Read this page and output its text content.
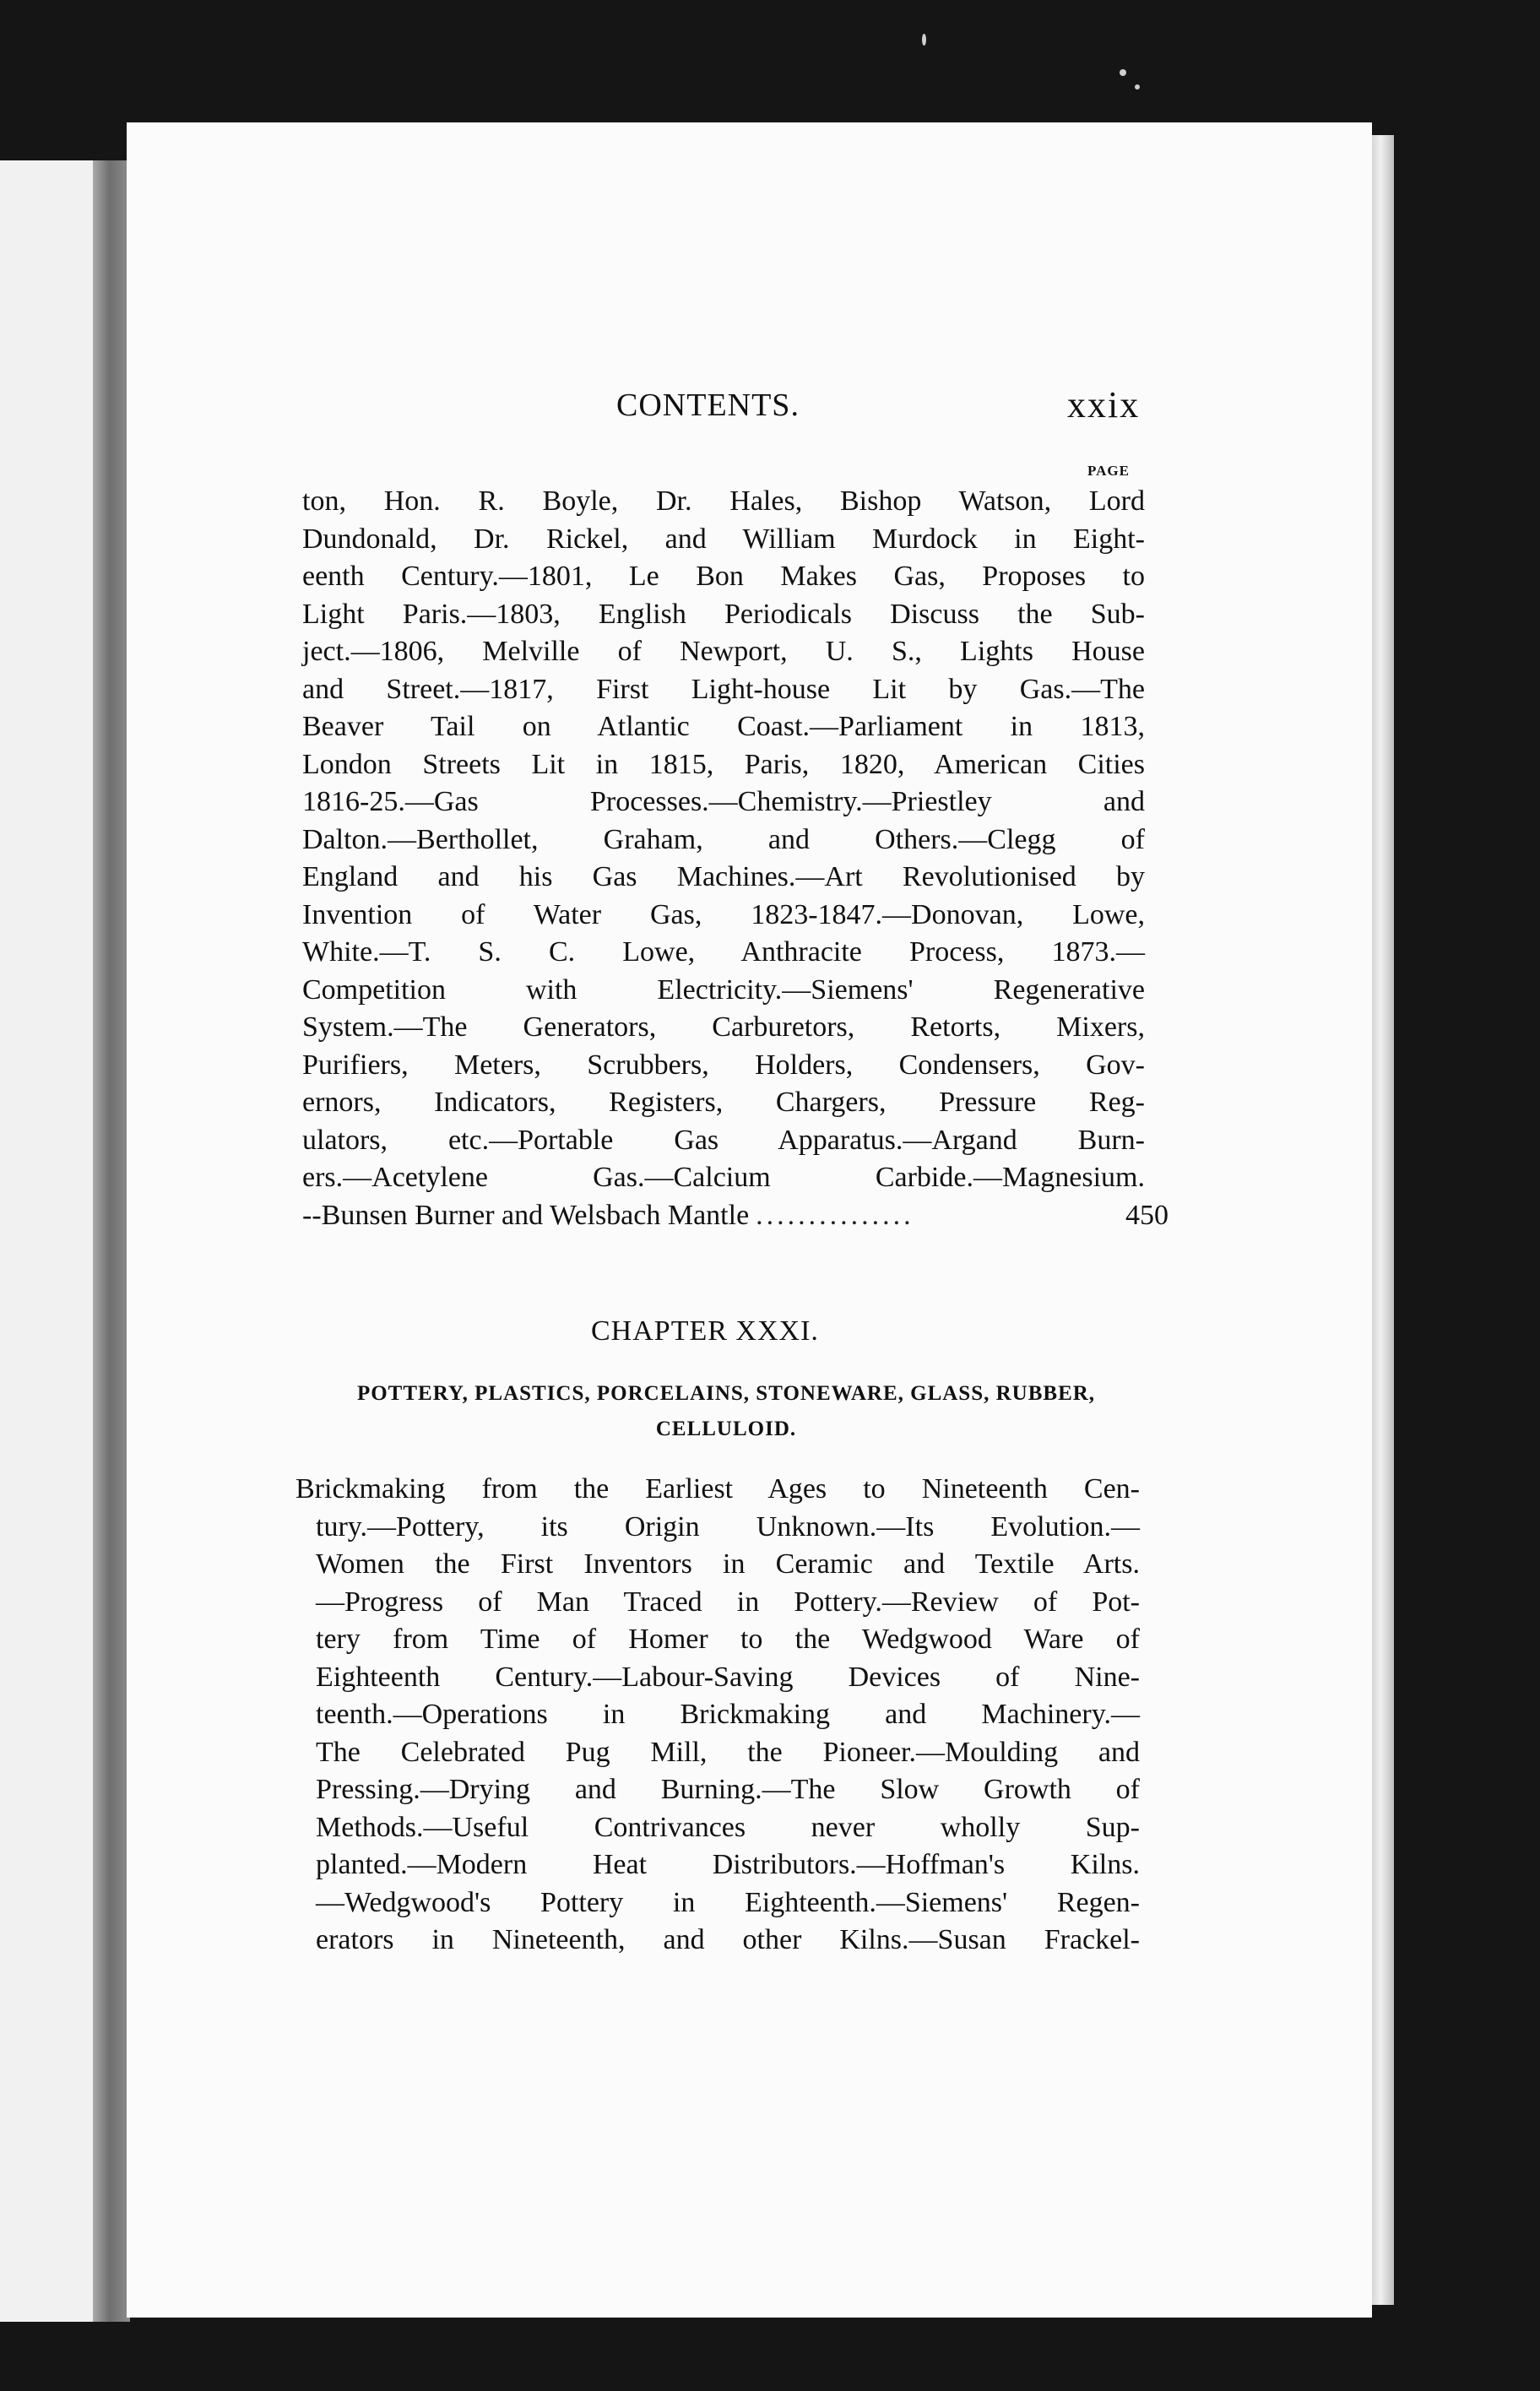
CONTENTS.	xxix
PAGE
ton, Hon. R. Boyle, Dr. Hales, Bishop Watson, Lord
Dundonald, Dr. Rickel, and William Murdock in Eight-
eenth Century.—1801, Le Bon Makes Gas, Proposes to
Light Paris.—1803, English Periodicals Discuss the Sub-
ject.—1806, Melville of Newport, U. S., Lights House
and Street.—1817, First Light-house Lit by Gas.—The
Beaver Tail on Atlantic Coast.—Parliament in 1813,
London Streets Lit in 1815, Paris, 1820, American Cities
1816-25.—Gas Processes.—Chemistry.—Priestley and
Dalton.—Berthollet, Graham, and Others.—Clegg of
England and his Gas Machines.—Art Revolutionised by
Invention of Water Gas, 1823-1847.—Donovan, Lowe,
White.—T. S. C. Lowe, Anthracite Process, 1873.—
Competition with Electricity.—Siemens' Regenerative
System.—The Generators, Carburetors, Retorts, Mixers,
Purifiers, Meters, Scrubbers, Holders, Condensers, Gov-
ernors, Indicators, Registers, Chargers, Pressure Reg-
ulators, etc.—Portable Gas Apparatus.—Argand Burn-
ers.—Acetylene Gas.—Calcium Carbide.—Magnesium.
--Bunsen Burner and Welsbach Mantle ...............	450
CHAPTER XXXI.
POTTERY, PLASTICS, PORCELAINS, STONEWARE, GLASS, RUBBER,
CELLULOID.
Brickmaking from the Earliest Ages to Nineteenth Cen-
tury.—Pottery, its Origin Unknown.—Its Evolution.—
Women the First Inventors in Ceramic and Textile Arts.
—Progress of Man Traced in Pottery.—Review of Pot-
tery from Time of Homer to the Wedgwood Ware of
Eighteenth Century.—Labour-Saving Devices of Nine-
teenth.—Operations in Brickmaking and Machinery.—
The Celebrated Pug Mill, the Pioneer.—Moulding and
Pressing.—Drying and Burning.—The Slow Growth of
Methods.—Useful Contrivances never wholly Sup-
planted.—Modern Heat Distributors.—Hoffman's Kilns.
—Wedgwood's Pottery in Eighteenth.—Siemens' Regen-
erators in Nineteenth, and other Kilns.—Susan Frackel-
